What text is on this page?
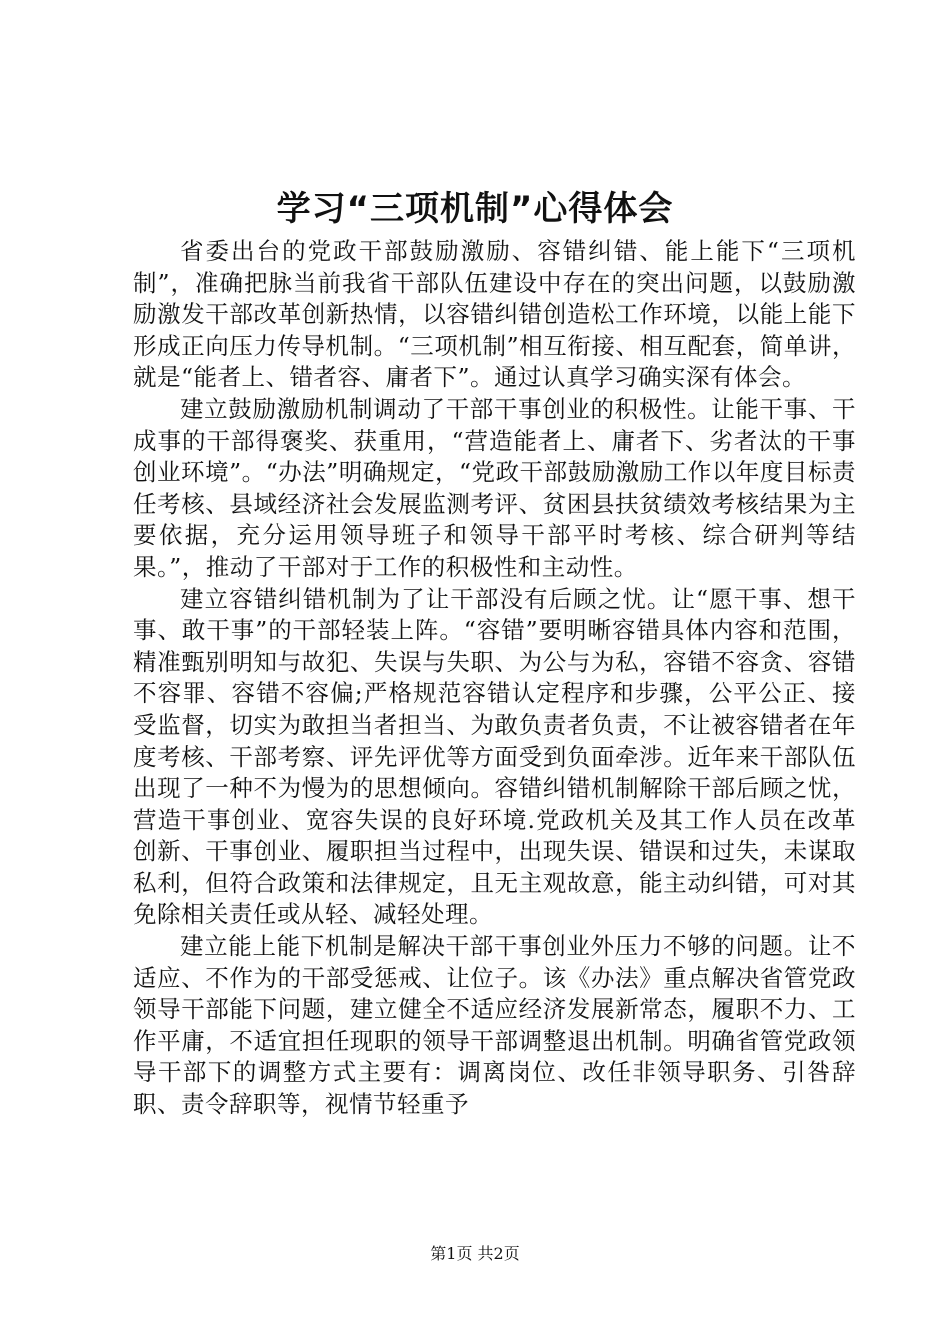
学习“三项机制”心得体会

省委出台的党政干部鼓励激励、容错纠错、能上能下“三项机制”，准确把脉当前我省干部队伍建设中存在的突出问题，以鼓励激励激发干部改革创新热情，以容错纠错创造松工作环境，以能上能下形成正向压力传导机制。“三项机制”相互衔接、相互配套，简单讲，就是“能者上、错者容、庸者下”。通过认真学习确实深有体会。

建立鼓励激励机制调动了干部干事创业的积极性。让能干事、干成事的干部得褒奖、获重用，“营造能者上、庸者下、劣者汰的干事创业环境”。“办法”明确规定，“党政干部鼓励激励工作以年度目标责任考核、县域经济社会发展监测考评、贫困县扶贫绩效考核结果为主要依据，充分运用领导班子和领导干部平时考核、综合研判等结果。”，推动了干部对于工作的积极性和主动性。

建立容错纠错机制为了让干部没有后顾之忧。让“愿干事、想干事、敢干事”的干部轻装上阵。“容错”要明晰容错具体内容和范围，精准甄别明知与故犯、失误与失职、为公与为私，容错不容贪、容错不容罪、容错不容偏;严格规范容错认定程序和步骤，公平公正、接受监督，切实为敢担当者担当、为敢负责者负责，不让被容错者在年度考核、干部考察、评先评优等方面受到负面牵涉。近年来干部队伍出现了一种不为慢为的思想倾向。容错纠错机制解除干部后顾之忧，营造干事创业、宽容失误的良好环境.党政机关及其工作人员在改革创新、干事创业、履职担当过程中，出现失误、错误和过失，未谋取私利，但符合政策和法律规定，且无主观故意，能主动纠错，可对其免除相关责任或从轻、减轻处理。

建立能上能下机制是解决干部干事创业外压力不够的问题。让不适应、不作为的干部受惩戒、让位子。该《办法》重点解决省管党政领导干部能下问题，建立健全不适应经济发展新常态，履职不力、工作平庸，不适宜担任现职的领导干部调整退出机制。明确省管党政领导干部下的调整方式主要有：调离岗位、改任非领导职务、引咎辞职、责令辞职等，视情节轻重予

第1页 共2页
